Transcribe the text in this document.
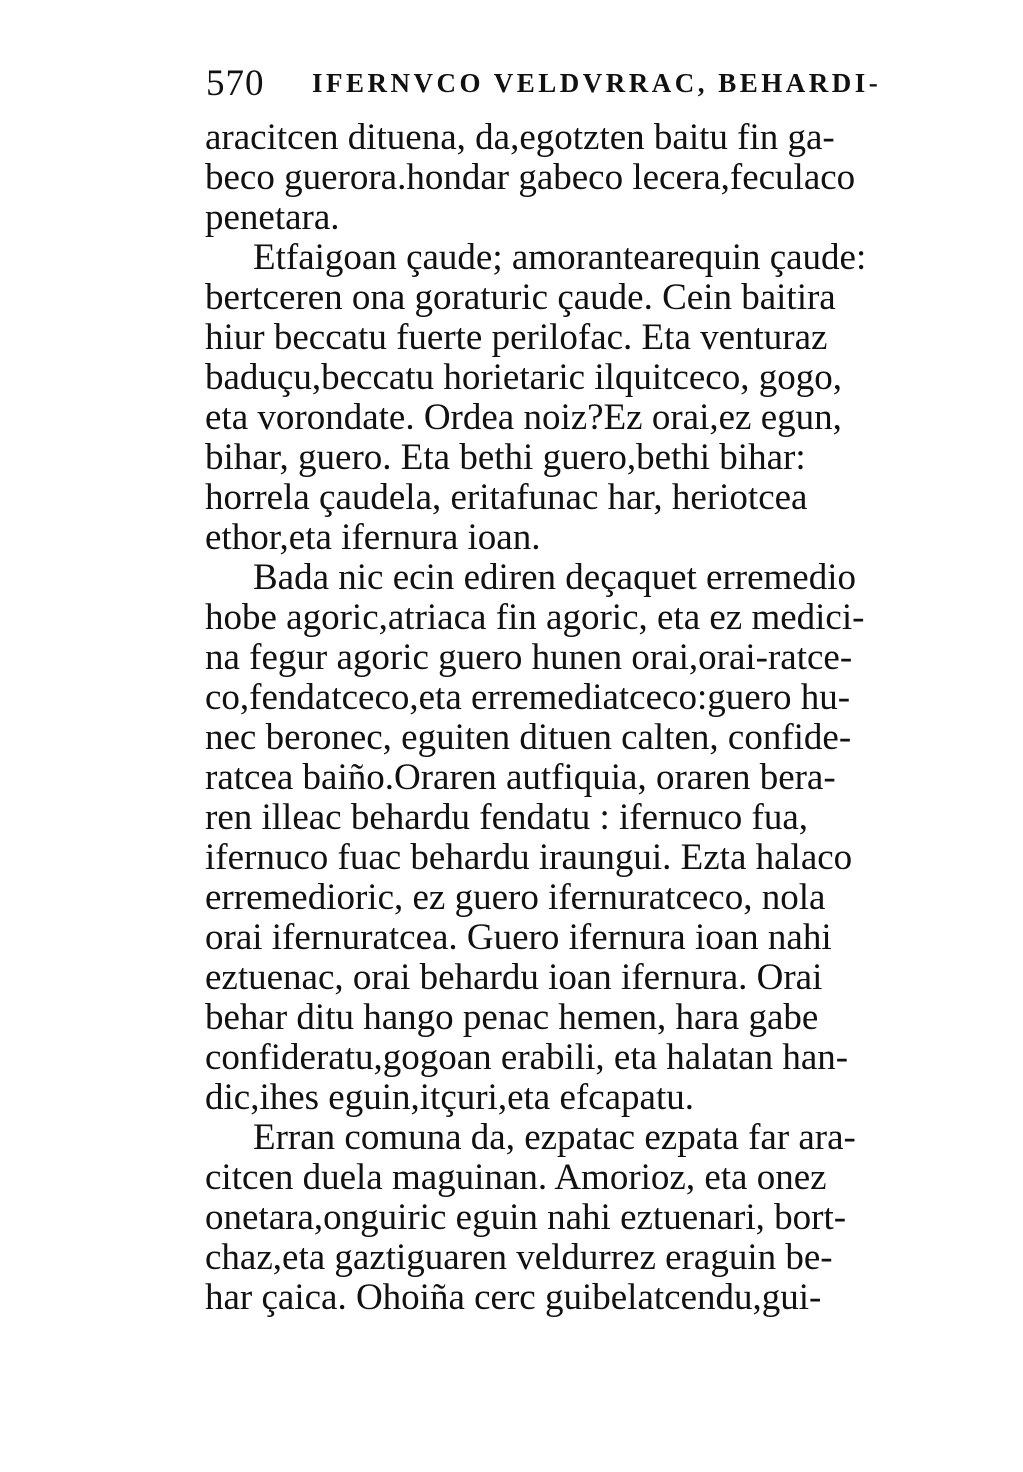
570 IFERNVCO VELDVRRAC, BEHARDI-
aracitcen dituena, da,egotzten baitu fin ga-
beco guerora.hondar gabeco lecera,feculaco
penetara.
Etfaigoan çaude; amorantearequin çaude:
bertceren ona goraturic çaude. Cein baitira
hiur beccatu fuerte perilofac. Eta venturaz
baduçu,beccatu horietaric ilquitceco, gogo,
eta vorondate. Ordea noiz?Ez orai,ez egun,
bihar, guero. Eta bethi guero,bethi bihar:
horrela çaudela, eritafunac har, heriotcea
ethor,eta ifernura ioan.
Bada nic ecin ediren deçaquet erremedio
hobe agoric,atriaca fin agoric, eta ez medici-
na fegur agoric guero hunen orai,orai-ratce-
co,fendatceco,eta erremediatceco:guero hu-
nec beronec, eguiten dituen calten, confide-
ratcea baiño.Oraren autfiquia, oraren bera-
ren illeac behardu fendatu : ifernuco fua,
ifernuco fuac behardu iraungui. Ezta halaco
erremedioric, ez guero ifernuratceco, nola
orai ifernuratcea. Guero ifernura ioan nahi
eztuenac, orai behardu ioan ifernura. Orai
behar ditu hango penac hemen, hara gabe
confideratu,gogoan erabili, eta halatan han-
dic,ihes eguin,itçuri,eta efcapatu.
Erran comuna da, ezpatac ezpata far ara-
citcen duela maguinan. Amorioz, eta onez
onetara,onguiric eguin nahi eztuenari, bort-
chaz,eta gaztiguaren veldurrez eraguin be-
har çaica. Ohoiña cerc guibelatcendu,gui-
